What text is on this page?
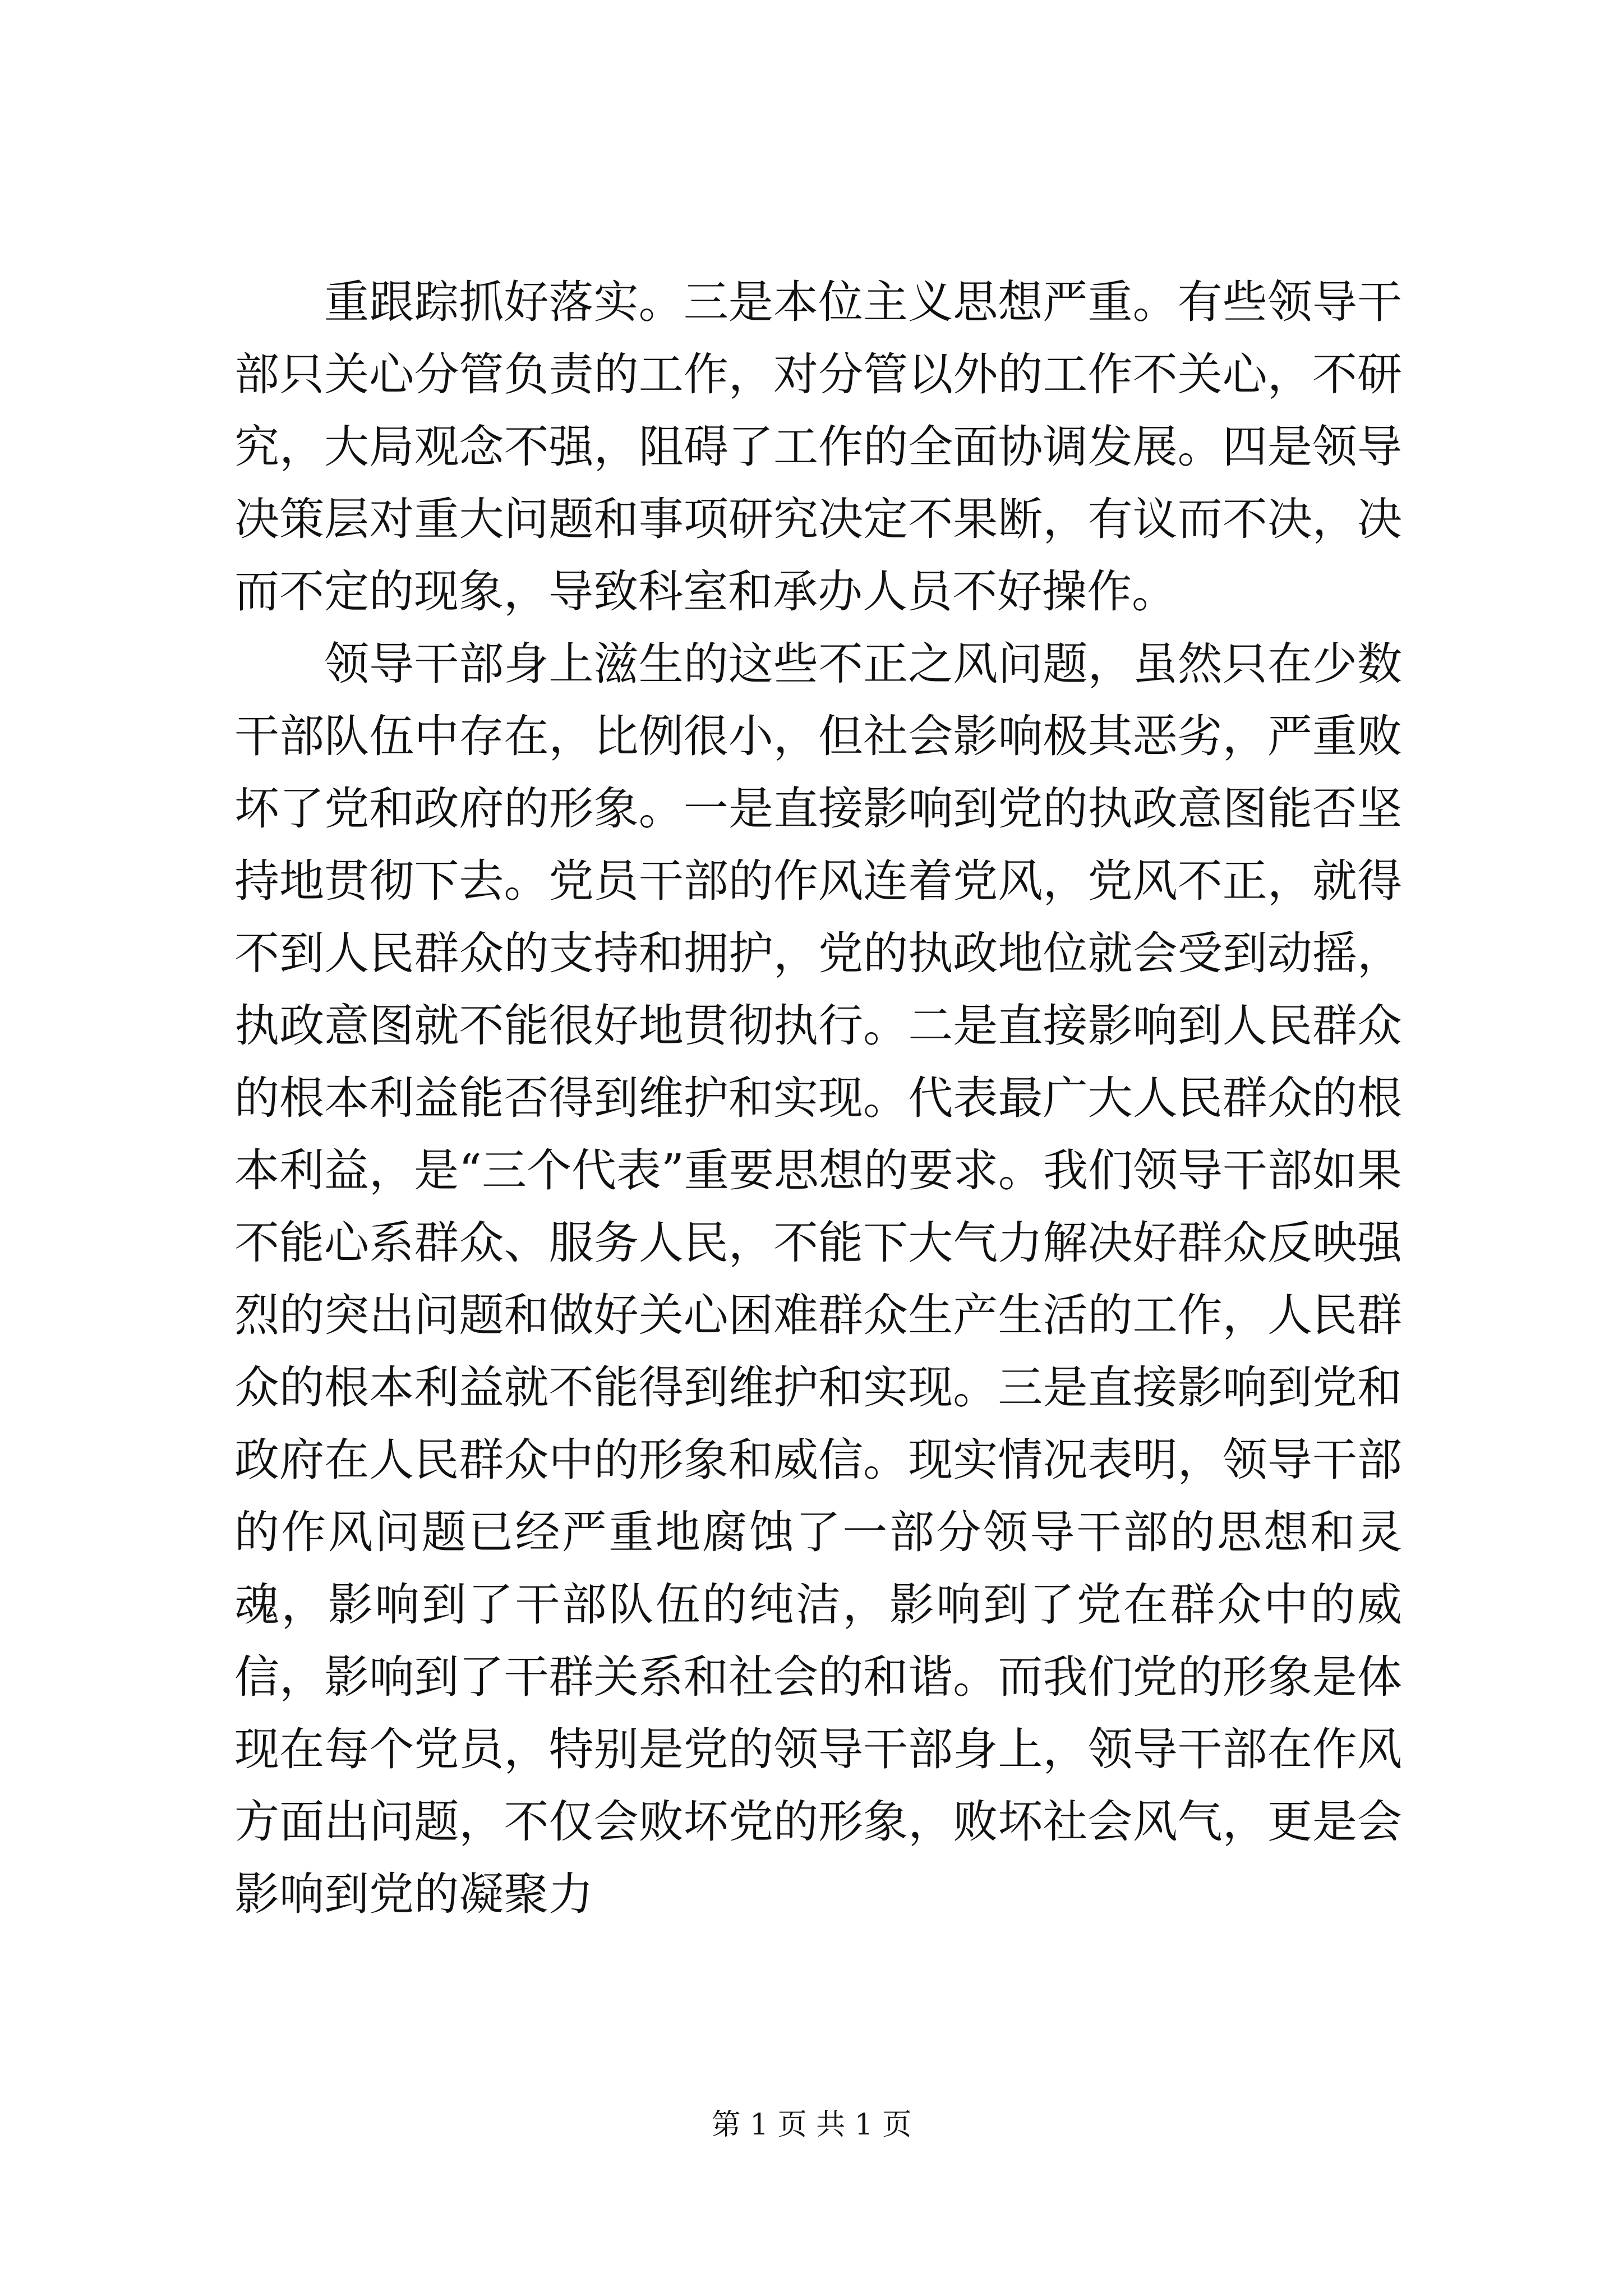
重跟踪抓好落实。三是本位主义思想严重。有些领导干部只关心分管负责的工作，对分管以外的工作不关心，不研究，大局观念不强，阻碍了工作的全面协调发展。四是领导决策层对重大问题和事项研究决定不果断，有议而不决，决而不定的现象，导致科室和承办人员不好操作。

领导干部身上滋生的这些不正之风问题，虽然只在少数干部队伍中存在，比例很小，但社会影响极其恶劣，严重败坏了党和政府的形象。一是直接影响到党的执政意图能否坚持地贯彻下去。党员干部的作风连着党风，党风不正，就得不到人民群众的支持和拥护，党的执政地位就会受到动摇，执政意图就不能很好地贯彻执行。二是直接影响到人民群众的根本利益能否得到维护和实现。代表最广大人民群众的根本利益，是“三个代表”重要思想的要求。我们领导干部如果不能心系群众、服务人民，不能下大气力解决好群众反映强烈的突出问题和做好关心困难群众生产生活的工作，人民群众的根本利益就不能得到维护和实现。三是直接影响到党和政府在人民群众中的形象和威信。现实情况表明，领导干部的作风问题已经严重地腐蚀了一部分领导干部的思想和灵魂，影响到了干部队伍的纯洁，影响到了党在群众中的威信，影响到了干群关系和社会的和谐。而我们党的形象是体现在每个党员，特别是党的领导干部身上，领导干部在作风方面出问题，不仅会败坏党的形象，败坏社会风气，更是会影响到党的凝聚力

第 1 页 共 1 页
